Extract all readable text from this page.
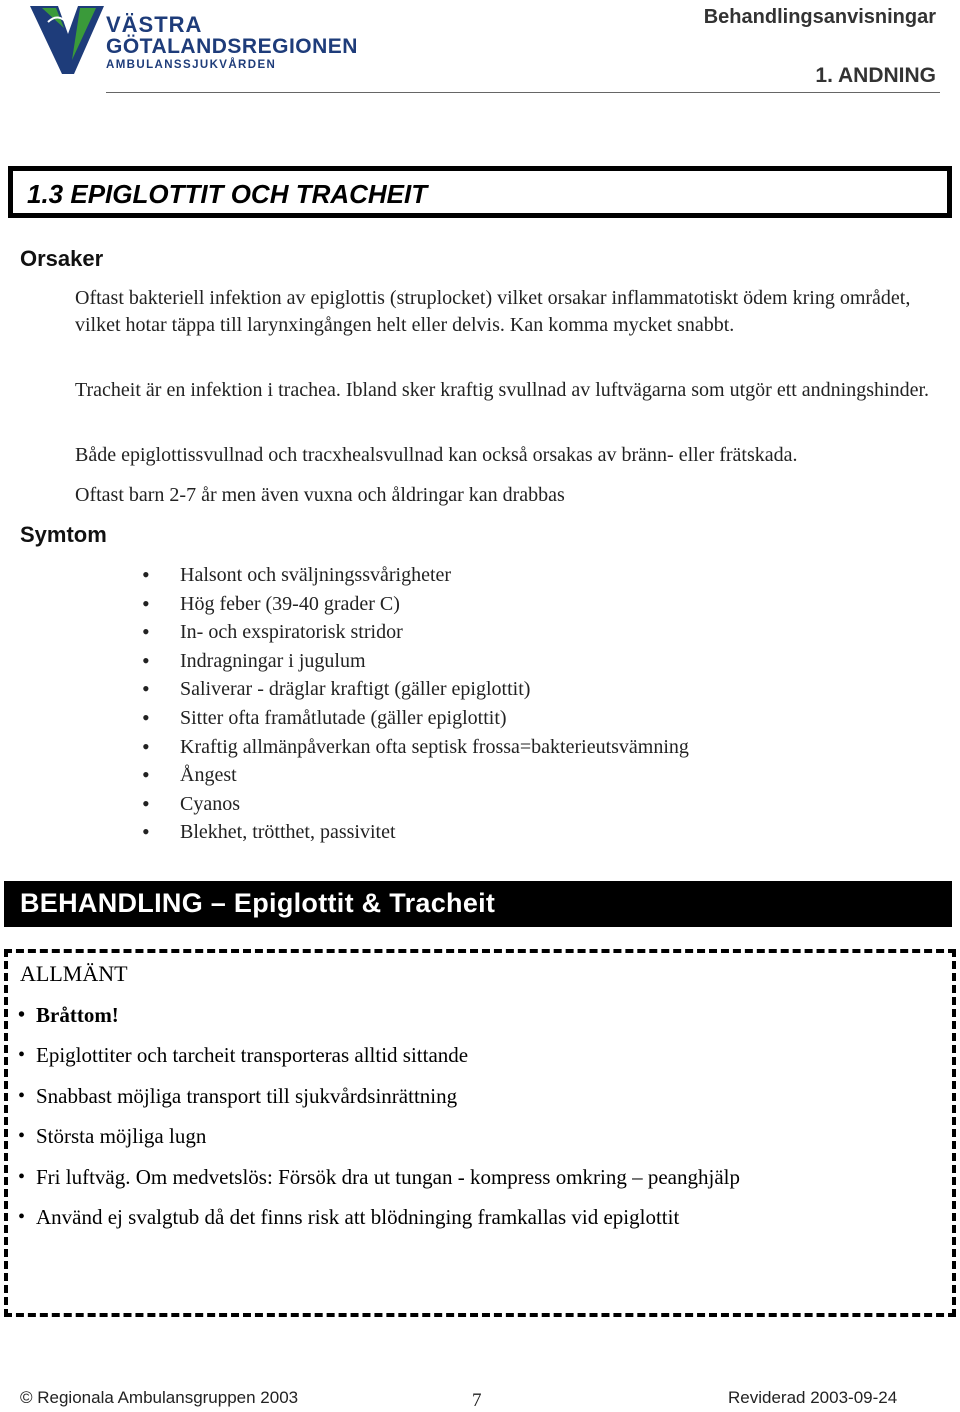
VÄSTRA
GÖTALANDSREGIONEN
AMBULANSSJUKVÅRDEN
Behandlingsanvisningar
1. ANDNING
1.3 EPIGLOTTIT OCH TRACHEIT
Orsaker
Oftast bakteriell infektion av epiglottis (struplocket) vilket orsakar inflammatotiskt ödem kring området, vilket hotar täppa till larynxingången helt eller delvis. Kan komma mycket snabbt.
Tracheit är en infektion i trachea. Ibland sker kraftig svullnad av luftvägarna som utgör ett andningshinder.
Både epiglottissvullnad och tracxhealsvullnad kan också orsakas av bränn- eller frätskada.
Oftast barn 2-7 år men även vuxna och åldringar kan drabbas
Symtom
• Halsont och sväljningssvårigheter
• Hög feber (39-40 grader C)
• In- och exspiratorisk stridor
• Indragningar i jugulum
• Saliverar - dräglar kraftigt (gäller epiglottit)
• Sitter ofta framåtlutade (gäller epiglottit)
• Kraftig allmänpåverkan ofta septisk frossa=bakterieutsvämning
• Ångest
• Cyanos
• Blekhet, trötthet, passivitet
BEHANDLING – Epiglottit & Tracheit
ALLMÄNT
• Bråttom!
• Epiglottiter och tarcheit transporteras alltid sittande
• Snabbast möjliga transport till sjukvårdsinrättning
• Största möjliga lugn
• Fri luftväg. Om medvetslös: Försök dra ut tungan - kompress omkring – peanghjälp
• Använd ej svalgtub då det finns risk att blödninging framkallas vid epiglottit
© Regionala Ambulansgruppen 2003	7	Reviderad 2003-09-24
